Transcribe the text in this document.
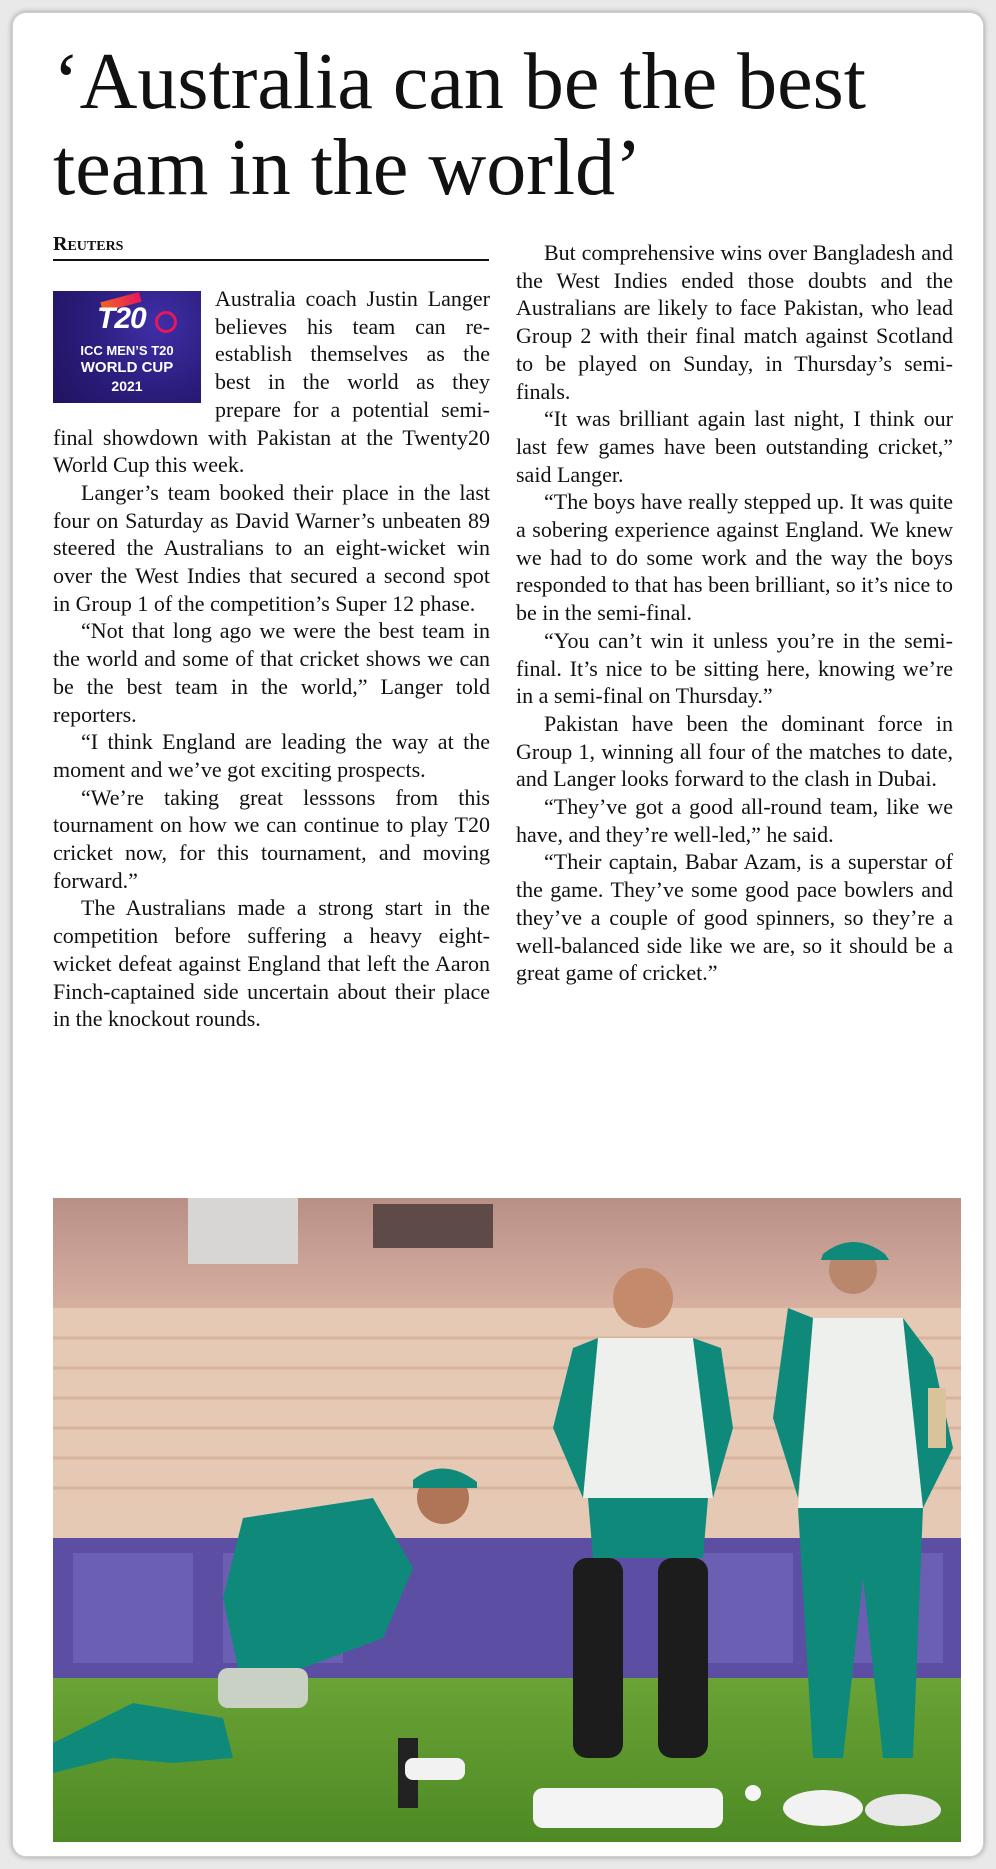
‘Australia can be the best team in the world’
Reuters
T20
ICC MEN’S T20
WORLD CUP
2021

Australia coach Justin Langer believes his team can re-establish themselves as the best in the world as they prepare for a potential semi-final showdown with Pakistan at the Twenty20 World Cup this week.

Langer’s team booked their place in the last four on Saturday as David Warner’s unbeaten 89 steered the Australians to an eight-wicket win over the West Indies that secured a second spot in Group 1 of the competition’s Super 12 phase.

“Not that long ago we were the best team in the world and some of that cricket shows we can be the best team in the world,” Langer told reporters.

“I think England are leading the way at the moment and we’ve got exciting prospects.

“We’re taking great lesssons from this tournament on how we can continue to play T20 cricket now, for this tournament, and moving forward.”

The Australians made a strong start in the competition before suffering a heavy eight-wicket defeat against England that left the Aaron Finch-captained side uncertain about their place in the knockout rounds.

But comprehensive wins over Bangladesh and the West Indies ended those doubts and the Australians are likely to face Pakistan, who lead Group 2 with their final match against Scotland to be played on Sunday, in Thursday’s semi-finals.

“It was brilliant again last night, I think our last few games have been outstanding cricket,” said Langer.

“The boys have really stepped up. It was quite a sobering experience against England. We knew we had to do some work and the way the boys responded to that has been brilliant, so it’s nice to be in the semi-final.

“You can’t win it unless you’re in the semi-final. It’s nice to be sitting here, knowing we’re in a semi-final on Thursday.”

Pakistan have been the dominant force in Group 1, winning all four of the matches to date, and Langer looks forward to the clash in Dubai.

“They’ve got a good all-round team, like we have, and they’re well-led,” he said.

“Their captain, Babar Azam, is a superstar of the game. They’ve some good pace bowlers and they’ve a couple of good spinners, so they’re a well-balanced side like we are, so it should be a great game of cricket.”
